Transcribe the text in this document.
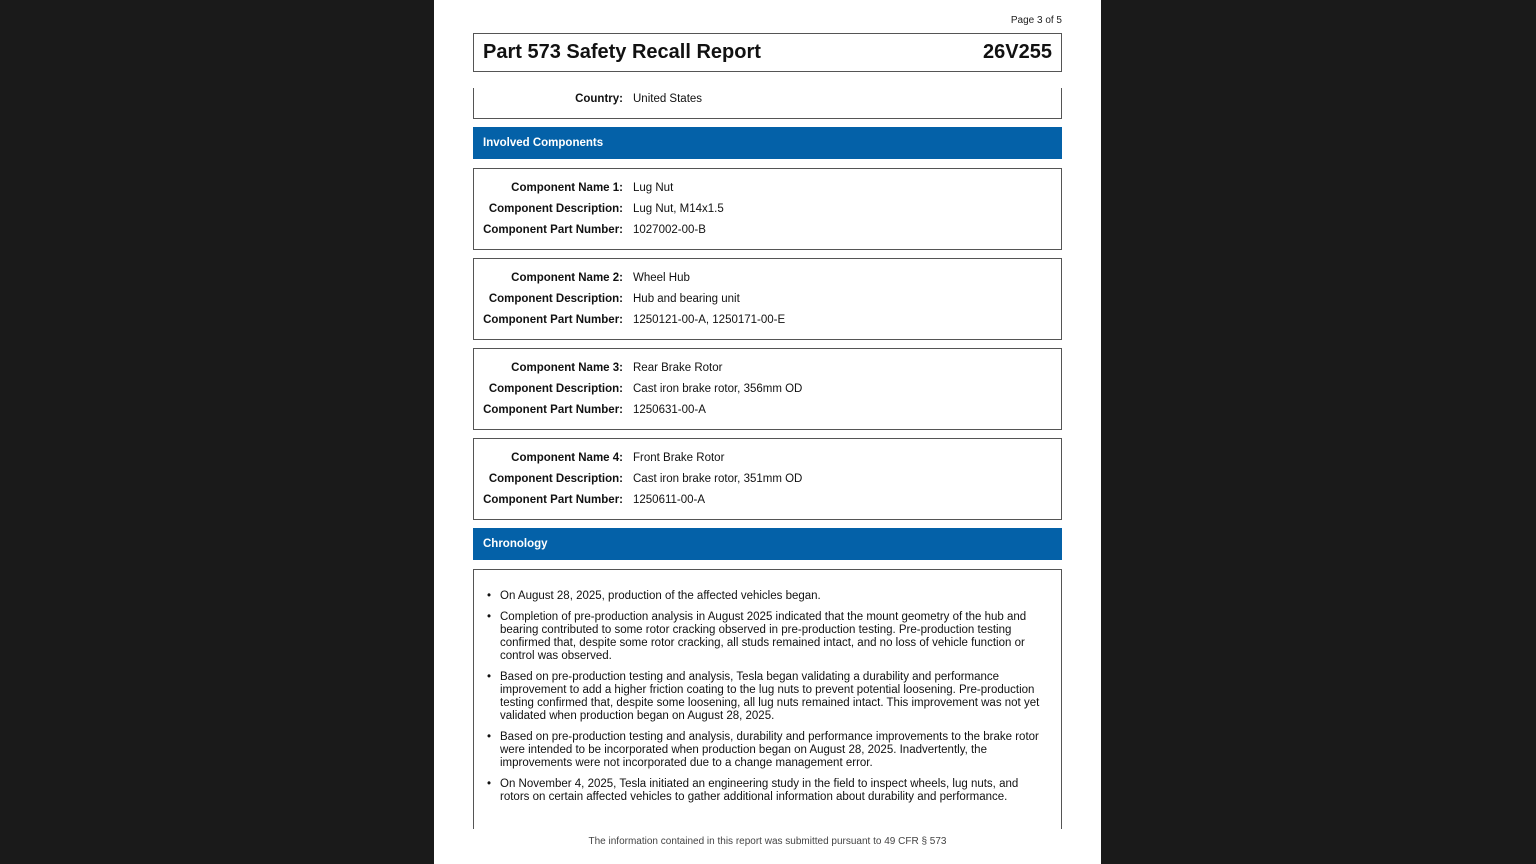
Page 3 of 5
Part 573 Safety Recall Report	26V255
Country: United States
Involved Components
Component Name 1: Lug Nut
Component Description: Lug Nut, M14x1.5
Component Part Number: 1027002-00-B
Component Name 2: Wheel Hub
Component Description: Hub and bearing unit
Component Part Number: 1250121-00-A, 1250171-00-E
Component Name 3: Rear Brake Rotor
Component Description: Cast iron brake rotor, 356mm OD
Component Part Number: 1250631-00-A
Component Name 4: Front Brake Rotor
Component Description: Cast iron brake rotor, 351mm OD
Component Part Number: 1250611-00-A
Chronology
• On August 28, 2025, production of the affected vehicles began.
• Completion of pre-production analysis in August 2025 indicated that the mount geometry of the hub and bearing contributed to some rotor cracking observed in pre-production testing. Pre-production testing confirmed that, despite some rotor cracking, all studs remained intact, and no loss of vehicle function or control was observed.
• Based on pre-production testing and analysis, Tesla began validating a durability and performance improvement to add a higher friction coating to the lug nuts to prevent potential loosening. Pre-production testing confirmed that, despite some loosening, all lug nuts remained intact. This improvement was not yet validated when production began on August 28, 2025.
• Based on pre-production testing and analysis, durability and performance improvements to the brake rotor were intended to be incorporated when production began on August 28, 2025. Inadvertently, the improvements were not incorporated due to a change management error.
• On November 4, 2025, Tesla initiated an engineering study in the field to inspect wheels, lug nuts, and rotors on certain affected vehicles to gather additional information about durability and performance.
The information contained in this report was submitted pursuant to 49 CFR § 573
